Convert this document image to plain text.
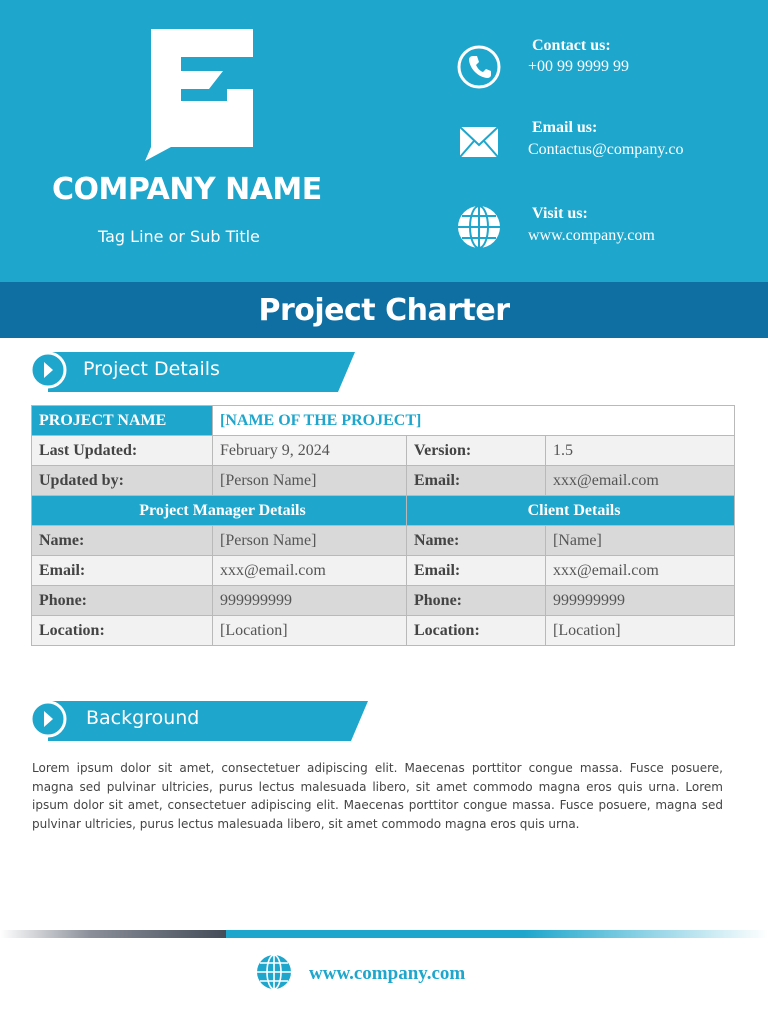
COMPANY NAME
Tag Line or Sub Title
Contact us:
+00 99 9999 99
Email us:
Contactus@company.co
Visit us:
www.company.com
Project Charter
Project Details
PROJECT NAME	[NAME OF THE PROJECT]		
Last Updated:	February 9, 2024	Version:	1.5
Updated by:	[Person Name]	Email:	xxx@email.com
Project Manager Details		Client Details	
Name:	[Person Name]	Name:	[Name]
Email:	xxx@email.com	Email:	xxx@email.com
Phone:	999999999	Phone:	999999999
Location:	[Location]	Location:	[Location]
Background
Lorem ipsum dolor sit amet, consectetuer adipiscing elit. Maecenas porttitor congue massa. Fusce posuere, magna sed pulvinar ultricies, purus lectus malesuada libero, sit amet commodo magna eros quis urna. Lorem ipsum dolor sit amet, consectetuer adipiscing elit. Maecenas porttitor congue massa. Fusce posuere, magna sed pulvinar ultricies, purus lectus malesuada libero, sit amet commodo magna eros quis urna.
www.company.com
